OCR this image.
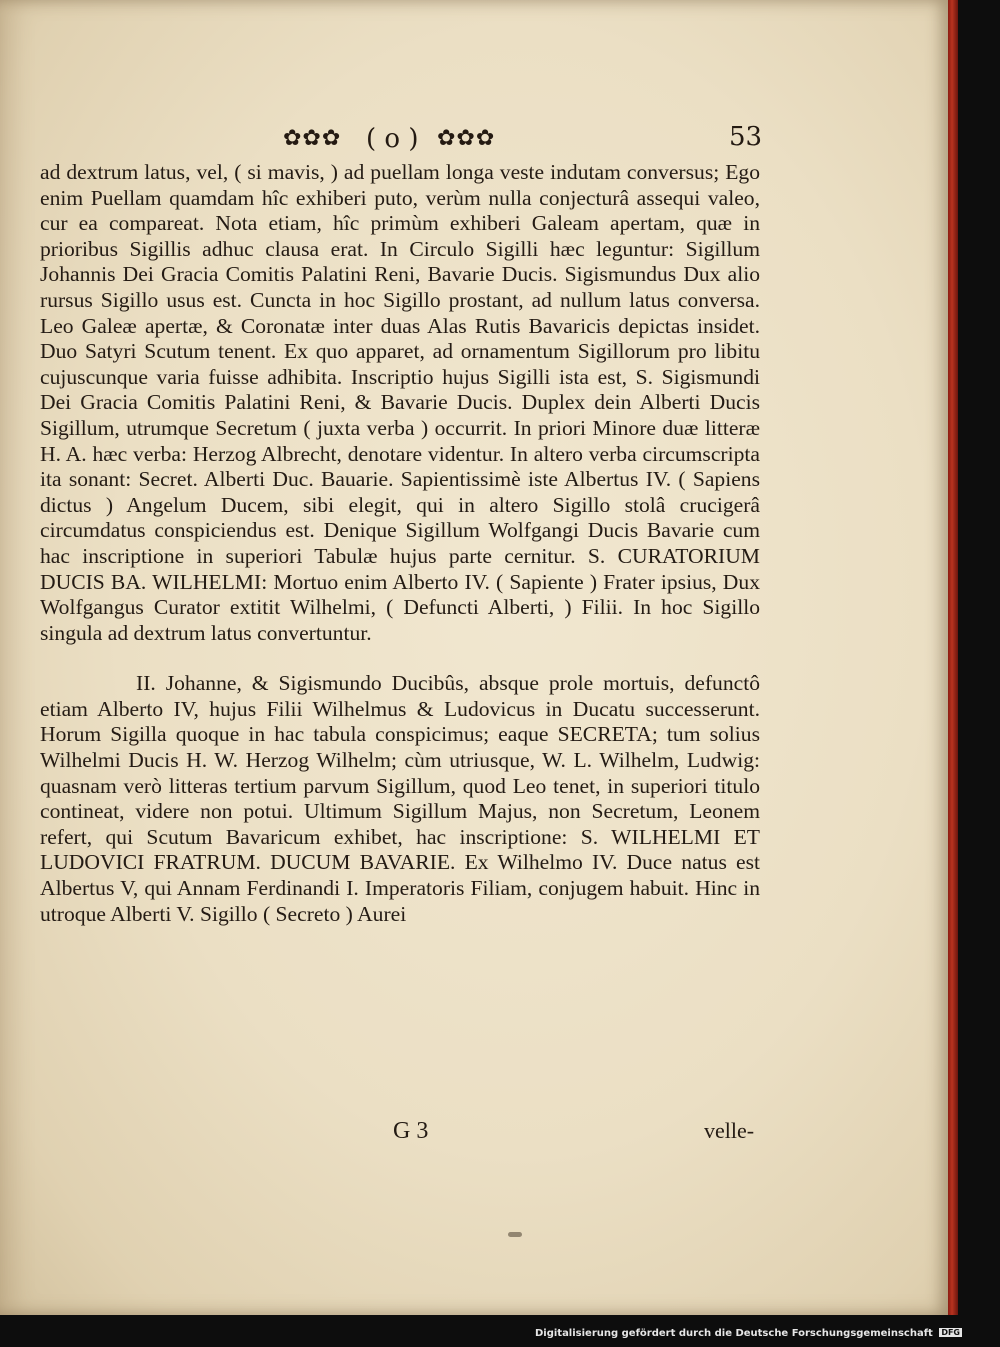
✿✿✿ ( o ) ✿✿✿	53

ad dextrum latus, vel, ( si mavis, ) ad puellam longa veste indutam conversus; Ego enim Puellam quamdam hîc exhiberi puto, verùm nulla conjecturâ assequi valeo, cur ea compareat. Nota etiam, hîc primùm exhiberi Galeam apertam, quæ in prioribus Sigillis adhuc clausa erat. In Circulo Sigilli hæc leguntur: Sigillum Johannis Dei Gracia Comitis Palatini Reni, Bavarie Ducis. Sigismundus Dux alio rursus Sigillo usus est. Cuncta in hoc Sigillo prostant, ad nullum latus conversa. Leo Galeæ apertæ, & Coronatæ inter duas Alas Rutis Bavaricis depictas insidet. Duo Satyri Scutum tenent. Ex quo apparet, ad ornamentum Sigillorum pro libitu cujuscunque varia fuisse adhibita. Inscriptio hujus Sigilli ista est, S. Sigismundi Dei Gracia Comitis Palatini Reni, & Bavarie Ducis. Duplex dein Alberti Ducis Sigillum, utrumque Secretum ( juxta verba ) occurrit. In priori Minore duæ litteræ H. A. hæc verba: Herzog Albrecht, denotare videntur. In altero verba circumscripta ita sonant: Secret. Alberti Duc. Bauarie. Sapientissimè iste Albertus IV. ( Sapiens dictus ) Angelum Ducem, sibi elegit, qui in altero Sigillo stolâ crucigerâ circumdatus conspiciendus est. Denique Sigillum Wolfgangi Ducis Bavarie cum hac inscriptione in superiori Tabulæ hujus parte cernitur. S. CURATORIUM DUCIS BA. WILHELMI: Mortuo enim Alberto IV. ( Sapiente ) Frater ipsius, Dux Wolfgangus Curator extitit Wilhelmi, ( Defuncti Alberti, ) Filii. In hoc Sigillo singula ad dextrum latus convertuntur.

II. Johanne, & Sigismundo Ducibûs, absque prole mortuis, defunctô etiam Alberto IV, hujus Filii Wilhelmus & Ludovicus in Ducatu successerunt. Horum Sigilla quoque in hac tabula conspicimus; eaque SECRETA; tum solius Wilhelmi Ducis H. W. Herzog Wilhelm; cùm utriusque, W. L. Wilhelm, Ludwig: quasnam verò litteras tertium parvum Sigillum, quod Leo tenet, in superiori titulo contineat, videre non potui. Ultimum Sigillum Majus, non Secretum, Leonem refert, qui Scutum Bavaricum exhibet, hac inscriptione: S. WILHELMI ET LUDOVICI FRATRUM. DUCUM BAVARIE. Ex Wilhelmo IV. Duce natus est Albertus V, qui Annam Ferdinandi I. Imperatoris Filiam, conjugem habuit. Hinc in utroque Alberti V. Sigillo ( Secreto ) Aurei

G 3	velle-
Digitalisierung gefördert durch die Deutsche Forschungsgemeinschaft DFG
